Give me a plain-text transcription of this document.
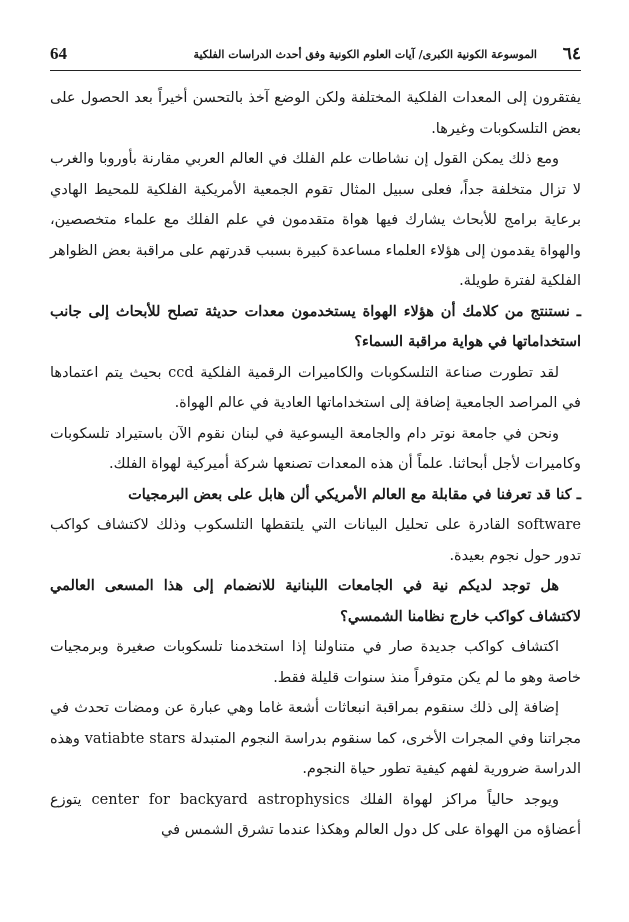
64	الموسوعة الكونية الكبرى/ آيات العلوم الكونية وفق أحدث الدراسات الفلكية ٦٤

يفتقرون إلى المعدات الفلكية المختلفة ولكن الوضع آخذ بالتحسن أخيراً بعد الحصول على بعض التلسكوبات وغيرها.

ومع ذلك يمكن القول إن نشاطات علم الفلك في العالم العربي مقارنة بأوروبا والغرب لا تزال متخلفة جداً، فعلى سبيل المثال تقوم الجمعية الأمريكية الفلكية للمحيط الهادي برعاية برامج للأبحاث يشارك فيها هواة متقدمون في علم الفلك مع علماء متخصصين، والهواة يقدمون إلى هؤلاء العلماء مساعدة كبيرة بسبب قدرتهم على مراقبة بعض الظواهر الفلكية لفترة طويلة.

ـ نستنتج من كلامك أن هؤلاء الهواة يستخدمون معدات حديثة تصلح للأبحاث إلى جانب استخداماتها في هواية مراقبة السماء؟

لقد تطورت صناعة التلسكوبات والكاميرات الرقمية الفلكية ccd بحيث يتم اعتمادها في المراصد الجامعية إضافة إلى استخداماتها العادية في عالم الهواة.

ونحن في جامعة نوتر دام والجامعة اليسوعية في لبنان نقوم الآن باستيراد تلسكوبات وكاميرات لأجل أبحاثنا. علماً أن هذه المعدات تصنعها شركة أميركية لهواة الفلك.

ـ كنا قد تعرفنا في مقابلة مع العالم الأمريكي ألن هابل على بعض البرمجيات

software القادرة على تحليل البيانات التي يلتقطها التلسكوب وذلك لاكتشاف كواكب تدور حول نجوم بعيدة.

هل توجد لديكم نية في الجامعات اللبنانية للانضمام إلى هذا المسعى العالمي لاكتشاف كواكب خارج نظامنا الشمسي؟

اكتشاف كواكب جديدة صار في متناولنا إذا استخدمنا تلسكوبات صغيرة وبرمجيات خاصة وهو ما لم يكن متوفراً منذ سنوات قليلة فقط.

إضافة إلى ذلك سنقوم بمراقبة انبعاثات أشعة غاما وهي عبارة عن ومضات تحدث في مجراتنا وفي المجرات الأخرى، كما سنقوم بدراسة النجوم المتبدلة vatiabte stars وهذه الدراسة ضرورية لفهم كيفية تطور حياة النجوم.

ويوجد حالياً مراكز لهواة الفلك center for backyard astrophysics يتوزع أعضاؤه من الهواة على كل دول العالم وهكذا عندما تشرق الشمس في
